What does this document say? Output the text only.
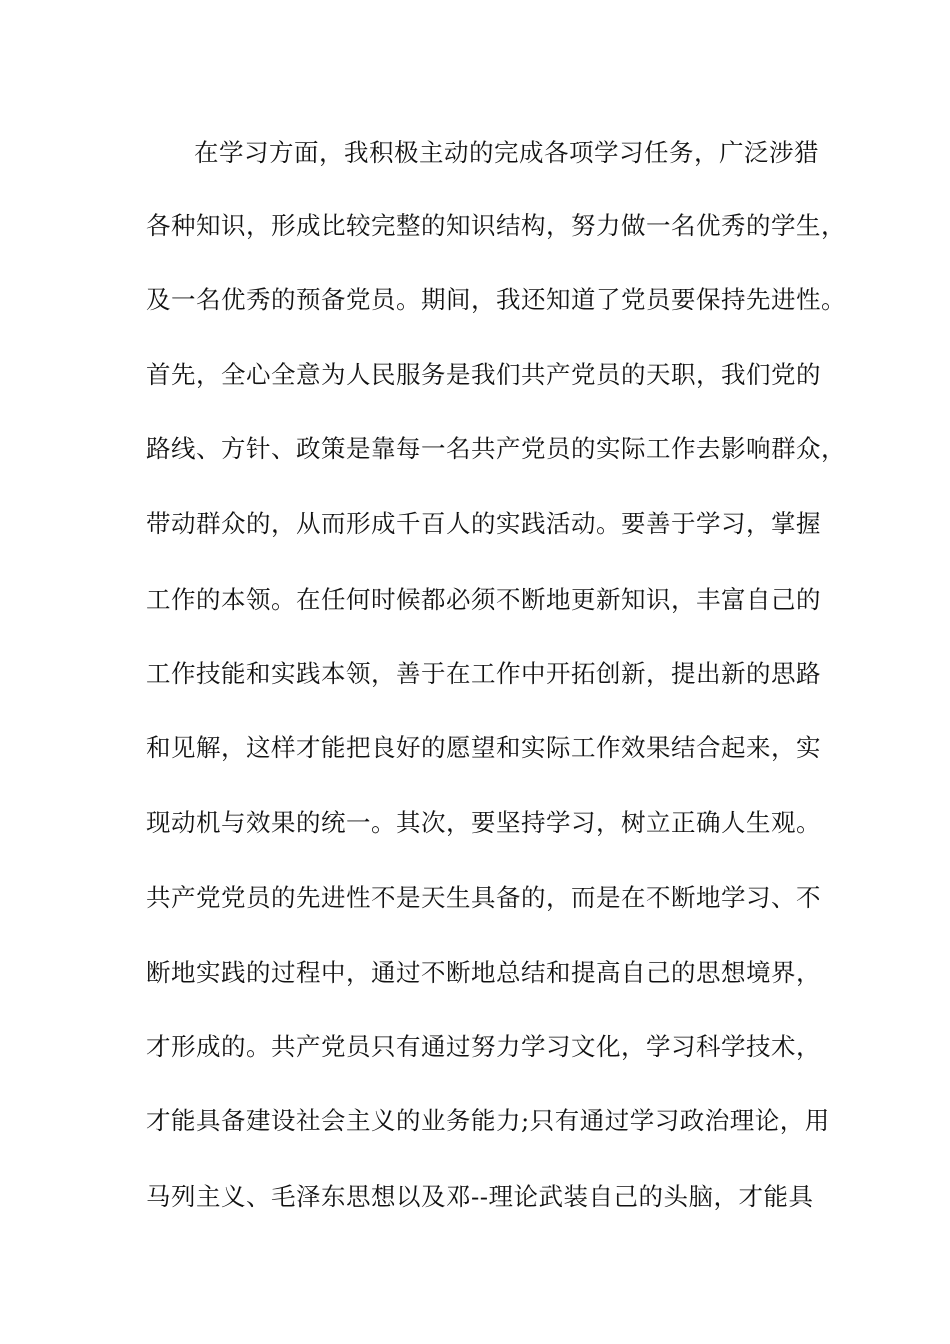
在学习方面，我积极主动的完成各项学习任务，广泛涉猎
各种知识，形成比较完整的知识结构，努力做一名优秀的学生，
及一名优秀的预备党员。期间，我还知道了党员要保持先进性。
首先，全心全意为人民服务是我们共产党员的天职，我们党的
路线、方针、政策是靠每一名共产党员的实际工作去影响群众，
带动群众的，从而形成千百人的实践活动。要善于学习，掌握
工作的本领。在任何时候都必须不断地更新知识，丰富自己的
工作技能和实践本领，善于在工作中开拓创新，提出新的思路
和见解，这样才能把良好的愿望和实际工作效果结合起来，实
现动机与效果的统一。其次，要坚持学习，树立正确人生观。
共产党党员的先进性不是天生具备的，而是在不断地学习、不
断地实践的过程中，通过不断地总结和提高自己的思想境界，
才形成的。共产党员只有通过努力学习文化，学习科学技术，
才能具备建设社会主义的业务能力;只有通过学习政治理论，用
马列主义、毛泽东思想以及邓--理论武装自己的头脑，才能具
